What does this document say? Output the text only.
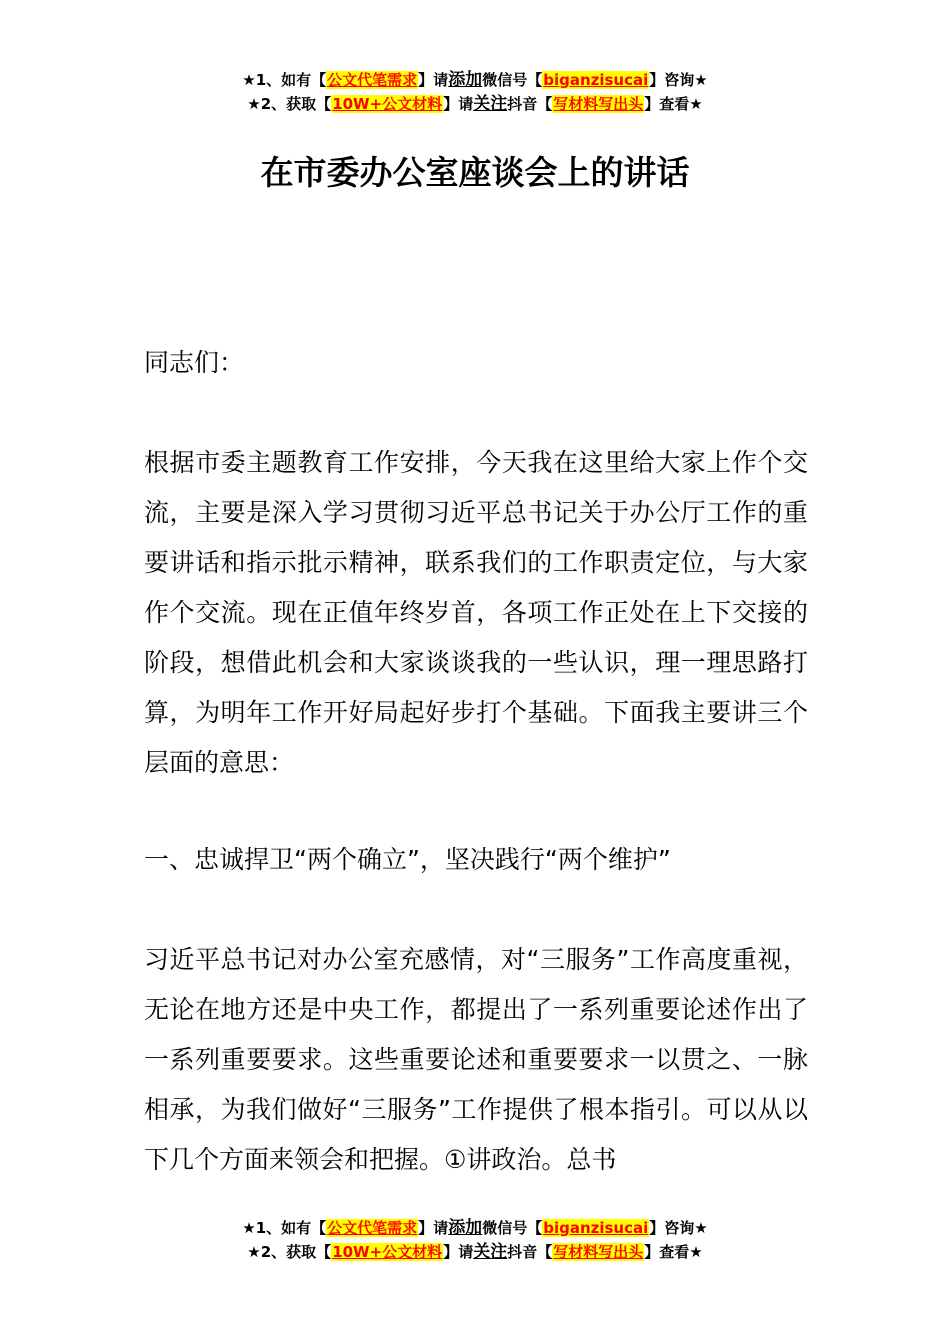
★1、如有【公文代笔需求】请添加微信号【biganzisucai】咨询★
★2、获取【10W+公文材料】请关注抖音【写材料写出头】查看★
在市委办公室座谈会上的讲话

同志们：

根据市委主题教育工作安排，今天我在这里给大家上作个交流，主要是深入学习贯彻习近平总书记关于办公厅工作的重要讲话和指示批示精神，联系我们的工作职责定位，与大家作个交流。现在正值年终岁首，各项工作正处在上下交接的阶段，想借此机会和大家谈谈我的一些认识，理一理思路打算，为明年工作开好局起好步打个基础。下面我主要讲三个层面的意思：

一、忠诚捍卫“两个确立”，坚决践行“两个维护”

习近平总书记对办公室充感情，对“三服务”工作高度重视，无论在地方还是中央工作，都提出了一系列重要论述作出了一系列重要要求。这些重要论述和重要要求一以贯之、一脉相承，为我们做好“三服务”工作提供了根本指引。可以从以下几个方面来领会和把握。①讲政治。总书

★1、如有【公文代笔需求】请添加微信号【biganzisucai】咨询★
★2、获取【10W+公文材料】请关注抖音【写材料写出头】查看★
